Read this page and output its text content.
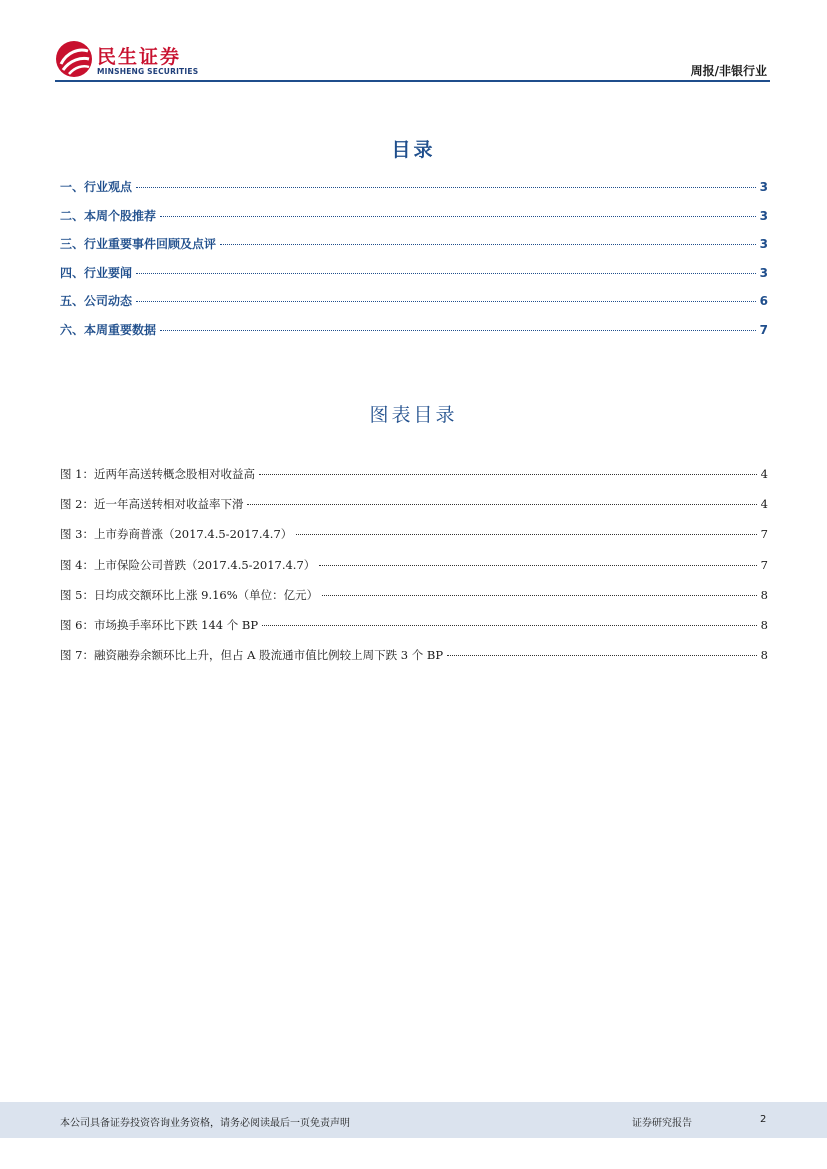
民生证券
MINSHENG SECURITIES	周报/非银行业
目录
一、行业观点	3
二、本周个股推荐	3
三、行业重要事件回顾及点评	3
四、行业要闻	3
五、公司动态	6
六、本周重要数据	7
图表目录
图 1：近两年高送转概念股相对收益高	4
图 2：近一年高送转相对收益率下滑	4
图 3：上市券商普涨（2017.4.5-2017.4.7）	7
图 4：上市保险公司普跌（2017.4.5-2017.4.7）	7
图 5：日均成交额环比上涨 9.16%（单位：亿元）	8
图 6：市场换手率环比下跌 144 个 BP	8
图 7：融资融券余额环比上升，但占 A 股流通市值比例较上周下跌 3 个 BP	8
本公司具备证券投资咨询业务资格，请务必阅读最后一页免责声明	证券研究报告	2
